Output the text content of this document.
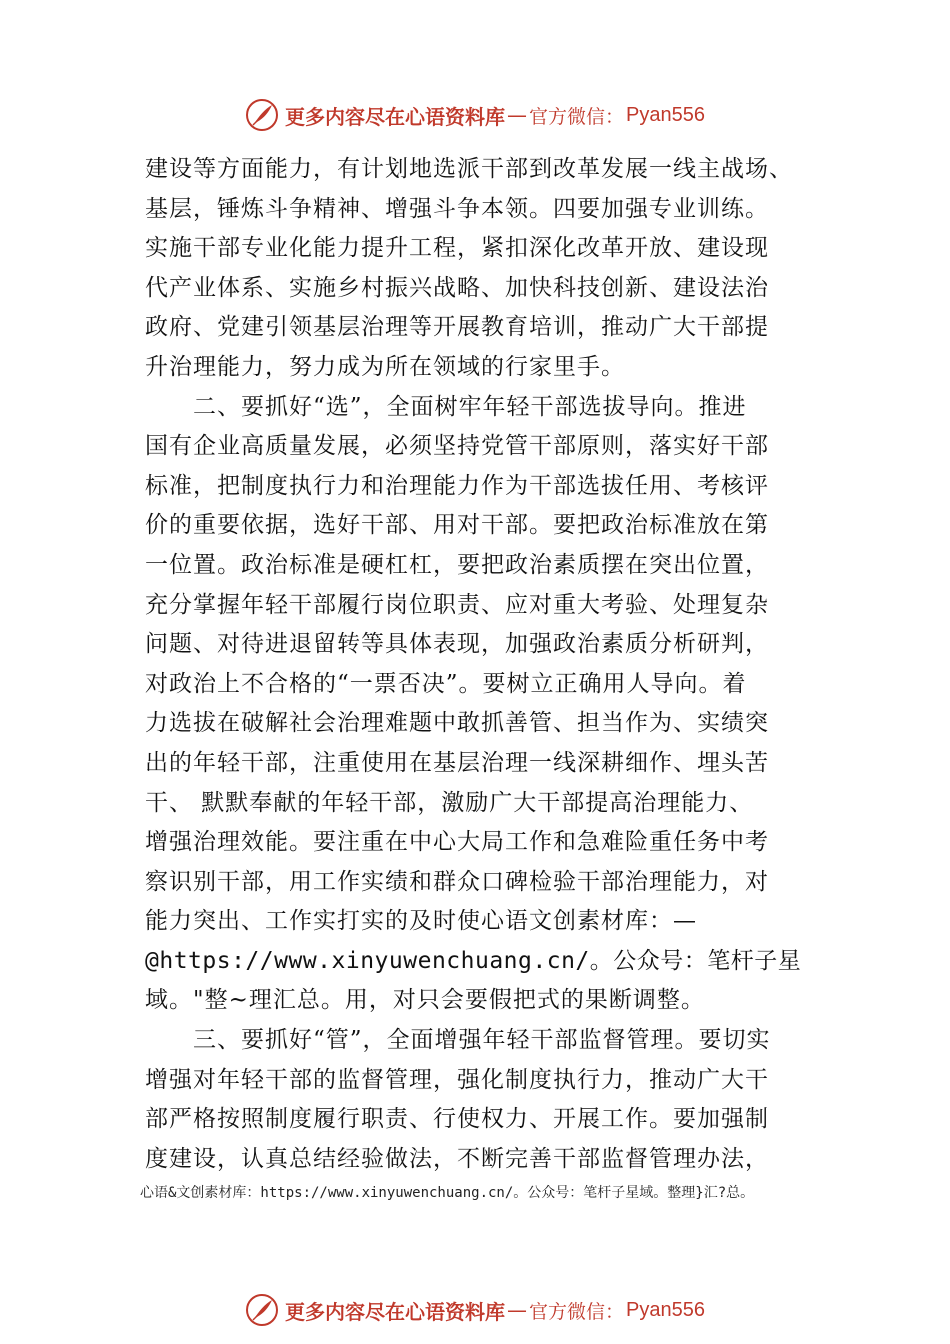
更多内容尽在心语资料库 — 官方微信： Pyan556
建设等方面能力，有计划地选派干部到改革发展一线主战场、
基层，锤炼斗争精神、增强斗争本领。四要加强专业训练。
实施干部专业化能力提升工程，紧扣深化改革开放、建设现
代产业体系、实施乡村振兴战略、加快科技创新、建设法治
政府、党建引领基层治理等开展教育培训，推动广大干部提
升治理能力，努力成为所在领域的行家里手。
　　二、要抓好“选”，全面树牢年轻干部选拔导向。推进
国有企业高质量发展，必须坚持党管干部原则，落实好干部
标准，把制度执行力和治理能力作为干部选拔任用、考核评
价的重要依据，选好干部、用对干部。要把政治标准放在第
一位置。政治标准是硬杠杠，要把政治素质摆在突出位置，
充分掌握年轻干部履行岗位职责、应对重大考验、处理复杂
问题、对待进退留转等具体表现，加强政治素质分析研判，
对政治上不合格的“一票否决”。要树立正确用人导向。着
力选拔在破解社会治理难题中敢抓善管、担当作为、实绩突
出的年轻干部，注重使用在基层治理一线深耕细作、埋头苦
干、 默默奉献的年轻干部，激励广大干部提高治理能力、
增强治理效能。要注重在中心大局工作和急难险重任务中考
察识别干部，用工作实绩和群众口碑检验干部治理能力，对
能力突出、工作实打实的及时使心语文创素材库：—
@https://www.xinyuwenchuang.cn/。公众号：笔杆子星
域。"整~理汇总。用，对只会要假把式的果断调整。
　　三、要抓好“管”，全面增强年轻干部监督管理。要切实
增强对年轻干部的监督管理，强化制度执行力，推动广大干
部严格按照制度履行职责、行使权力、开展工作。要加强制
度建设，认真总结经验做法，不断完善干部监督管理办法，
心语&文创素材库：https://www.xinyuwenchuang.cn/。公众号：笔杆子星域。整理}汇?总。
更多内容尽在心语资料库 — 官方微信： Pyan556
